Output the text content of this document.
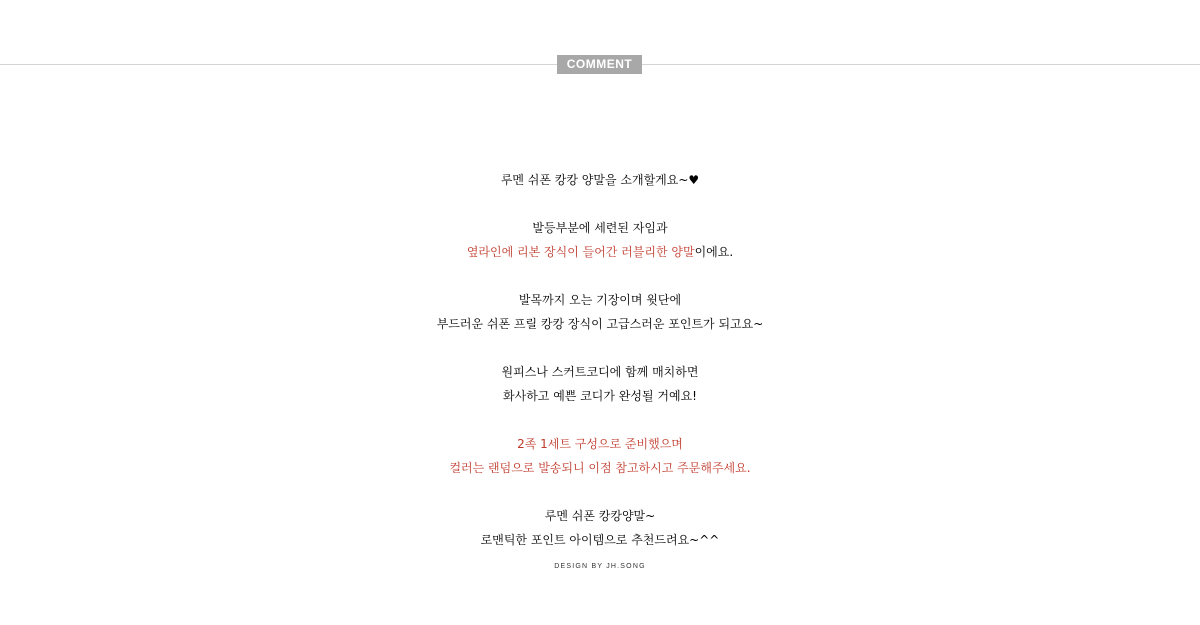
COMMENT
루멘 쉬폰 캉캉 양말을 소개할게요~♥
발등부분에 세련된 자임과
옆라인에 리본 장식이 들어간 러블리한 양말이에요.
발목까지 오는 기장이며 윗단에
부드러운 쉬폰 프릴 캉캉 장식이 고급스러운 포인트가 되고요~
원피스나 스커트코디에 함께 매치하면
화사하고 예쁜 코디가 완성될 거예요!
2족 1세트 구성으로 준비했으며
컬러는 랜덤으로 발송되니 이점 참고하시고 주문해주세요.
루멘 쉬폰 캉캉양말~
로맨틱한 포인트 아이템으로 추천드려요~^^
DESIGN BY JH.SONG
